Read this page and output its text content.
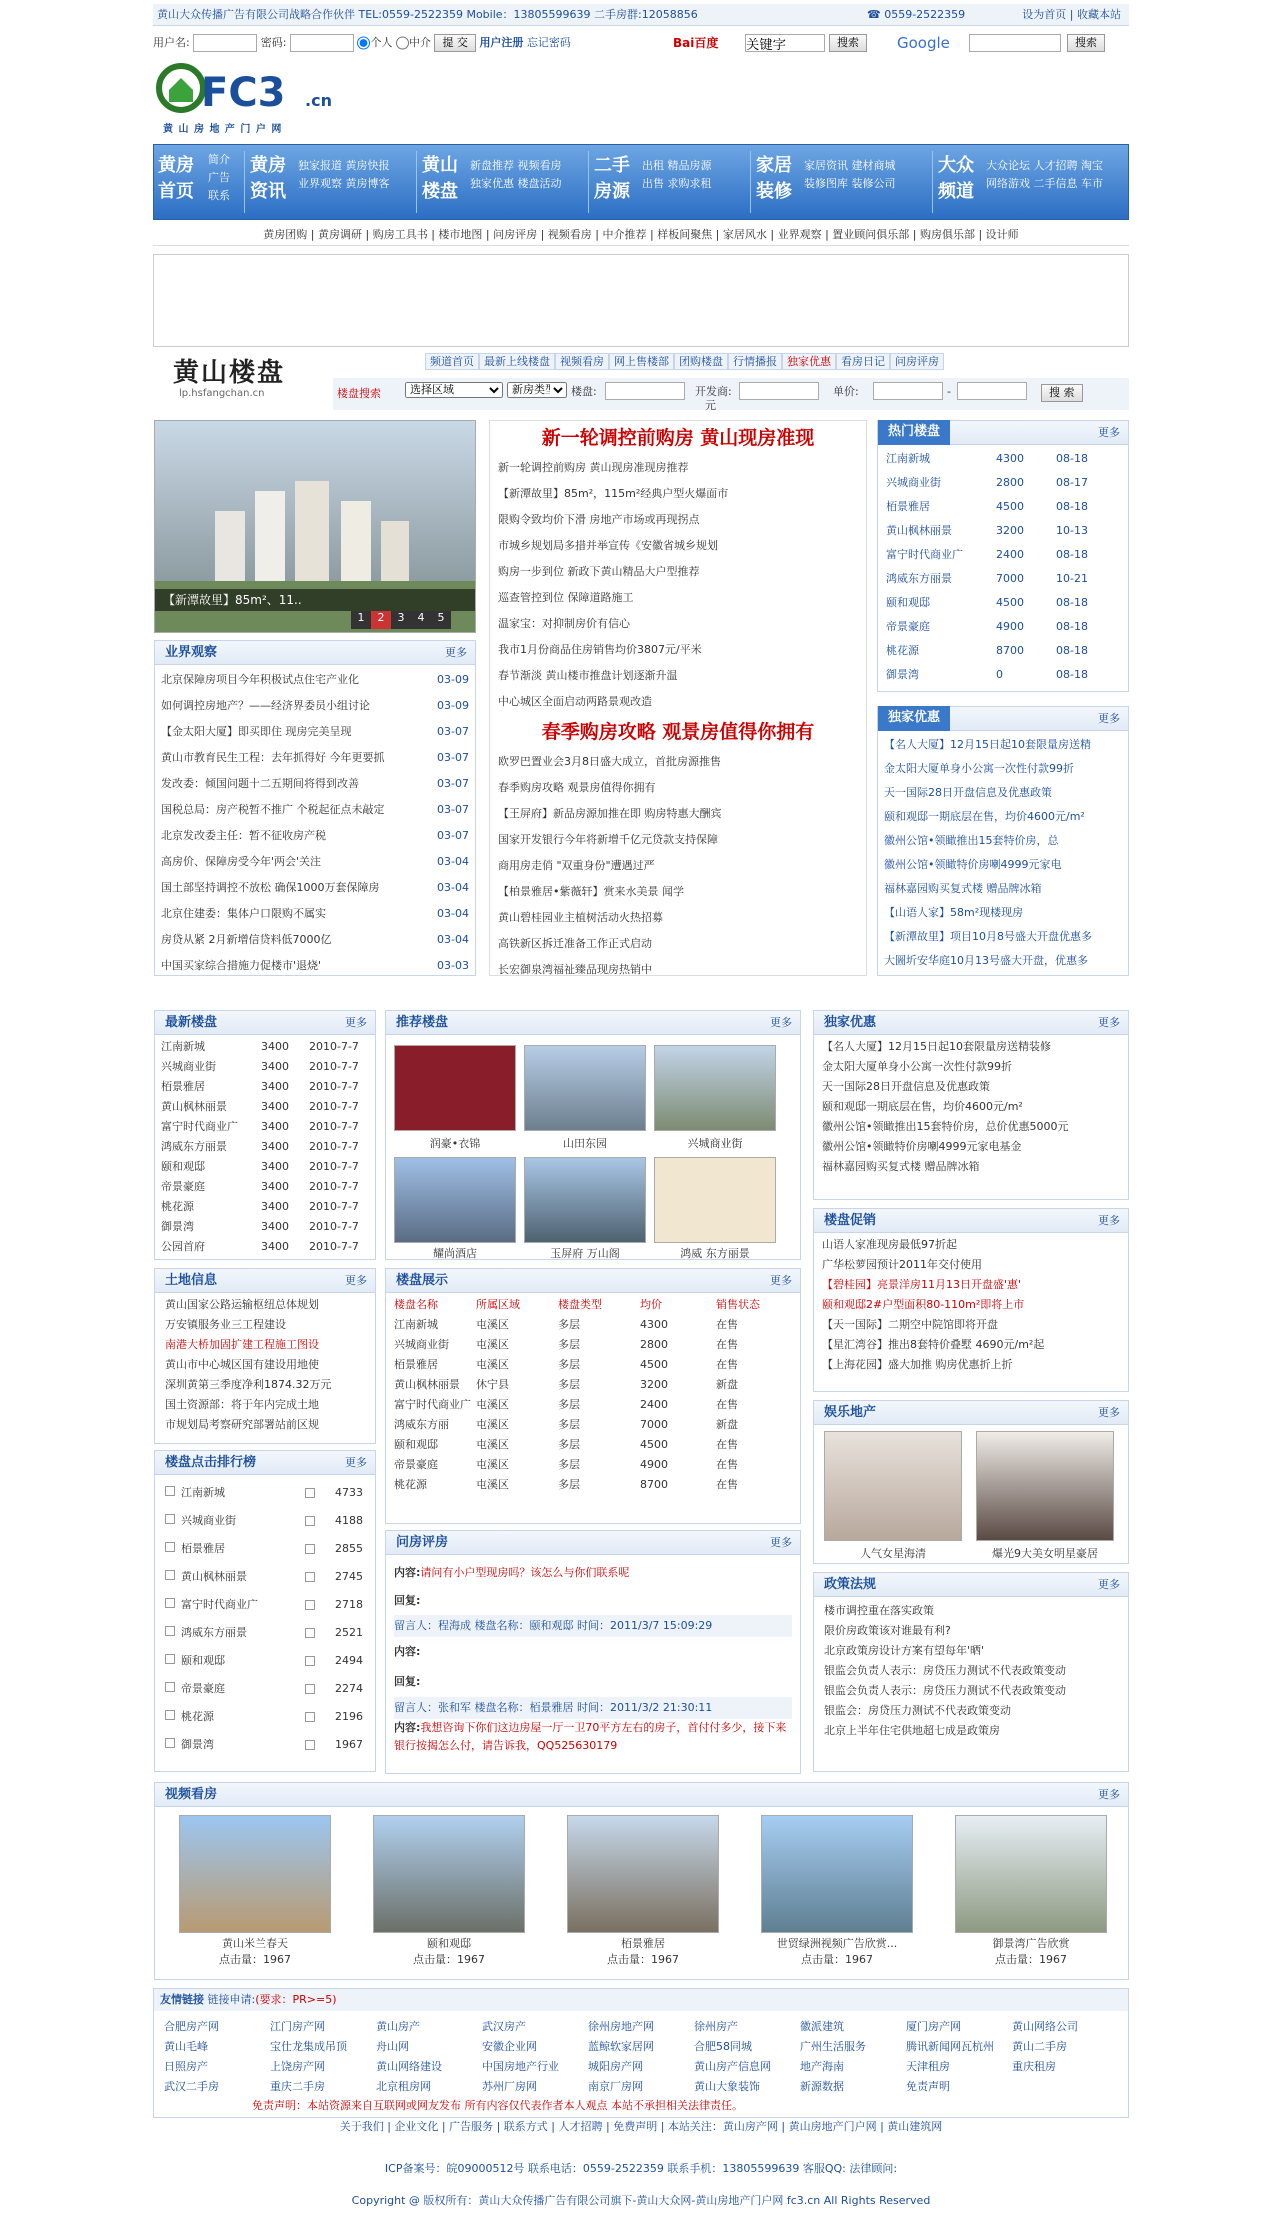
黄山大众传播广告有限公司战略合作伙伴 TEL:0559-2522359 Mobile：13805599639 二手房群:12058856	☎ 0559-2522359	设为首页 | 收藏本站
用户名:	密码:	个人 中介 提 交 用户注册 忘记密码	Bai百度
关键字	搜索	Google	搜索
FC3 .cn
黄 山 房 地 产 门 户 网
黄房首页
简介
广告
联系
黄房资讯
独家报道 黄房快报
业界观察 黄房博客
黄山楼盘
新盘推荐 视频看房
独家优惠 楼盘活动
二手房源
出租 精品房源
出售 求购求租
家居装修
家居资讯 建材商城
装修图库 装修公司
大众频道
大众论坛 人才招聘 淘宝
网络游戏 二手信息 车市
黄房团购 | 黄房调研 | 购房工具书 | 楼市地图 | 问房评房 | 视频看房 | 中介推荐 | 样板间聚焦 | 家居风水 | 业界观察 | 置业顾问俱乐部 | 购房俱乐部 | 设计师
黄山楼盘
lp.hsfangchan.cn
频道首页 最新上线楼盘 视频看房 网上售楼部 团购楼盘 行情播报 独家优惠 看房日记 问房评房
楼盘搜索
选择区域
新房类型	楼盘:	开发商:
元
单价:	-	搜 索
【新潭故里】85m²、11..
1 2 3 4 5
业界观察	更多
北京保障房项目今年积极试点住宅产业化	03-09
如何调控房地产？——经济界委员小组讨论	03-09
【金太阳大厦】即买即住 现房完美呈现	03-07
黄山市教育民生工程：去年抓得好 今年更要抓	03-07
发改委：倾国问题十二五期间将得到改善	03-07
国税总局：房产税暂不推广 个税起征点未敲定	03-07
北京发改委主任：暂不征收房产税	03-07
高房价、保障房受今年'两会'关注	03-04
国土部坚持调控不放松 确保1000万套保障房	03-04
北京住建委：集体户口限购不属实	03-04
房贷从紧 2月新增信贷料低7000亿	03-04
中国买家综合措施力促楼市'退烧'	03-03
新一轮调控前购房 黄山现房准现
新一轮调控前购房 黄山现房准现房推荐
【新潭故里】85m²，115m²经典户型火爆面市
限购令致均价下滑 房地产市场或再现拐点
市城乡规划局多措并举宣传《安徽省城乡规划
购房一步到位 新政下黄山精品大户型推荐
巡查管控到位 保障道路施工
温家宝：对抑制房价有信心
我市1月份商品住房销售均价3807元/平米
春节渐淡 黄山楼市推盘计划逐渐升温
中心城区全面启动两路景观改造
春季购房攻略 观景房值得你拥有
欧罗巴置业会3月8日盛大成立，首批房源推售
春季购房攻略 观景房值得你拥有
【王屏府】新品房源加推在即 购房特惠大酬宾
国家开发银行今年将新增千亿元贷款支持保障
商用房走俏 "双重身份"遭遇过严
【柏景雅居•紫薇轩】赏来水美景 闻学
黄山碧桂园业主植树活动火热招募
高铁新区拆迁准备工作正式启动
长宏御泉湾福祉臻品现房热销中
热门楼盘	更多
江南新城	4300	08-18
兴城商业街	2800	08-17
栢景雅居	4500	08-18
黄山枫林丽景	3200	10-13
富宁时代商业广	2400	08-18
鸿威东方丽景	7000	10-21
颐和观邸	4500	08-18
帝景豪庭	4900	08-18
桃花源	8700	08-18
御景湾	0	08-18
独家优惠	更多
【名人大厦】12月15日起10套限量房送精
金太阳大厦单身小公寓一次性付款99折
天一国际28日开盘信息及优惠政策
颐和观邸一期底层在售，均价4600元/m²
徽州公馆•领瞰推出15套特价房，总
徽州公馆•领瞰特价房喇4999元家电
福林嘉园购买复式楼 赠品牌冰箱
【山语人家】58m²现楼现房
【新潭故里】项目10月8号盛大开盘优惠多
大圌圻安华庭10月13号盛大开盘，优惠多
最新楼盘	更多
江南新城	3400 2010-7-7
兴城商业街	3400 2010-7-7
栢景雅居	3400 2010-7-7
黄山枫林丽景	3400 2010-7-7
富宁时代商业广 3400 2010-7-7
鸿威东方丽景	3400 2010-7-7
颐和观邸	3400 2010-7-7
帝景豪庭	3400 2010-7-7
桃花源	3400 2010-7-7
御景湾	3400 2010-7-7
公园首府	3400 2010-7-7
推荐楼盘	更多
润豪•衣锦	山田东园	兴城商业街
耀尚酒店	玉屏府 万山阁	鸿威 东方丽景
独家优惠	更多
【名人大厦】12月15日起10套限量房送精装修
金太阳大厦单身小公寓一次性付款99折
天一国际28日开盘信息及优惠政策
颐和观邸一期底层在售，均价4600元/m²
徽州公馆•领瞰推出15套特价房，总价优惠5000元
徽州公馆•领瞰特价房喇4999元家电基金
福林嘉园购买复式楼 赠品牌冰箱
楼盘促销	更多
山语人家准现房最低97折起
广华松萝园预计2011年交付使用
【碧桂园】亮景洋房11月13日开盘盛'惠'
颐和观邸2#户型面积80-110m²即将上市
【天一国际】二期空中院馆即将开盘
【星汇湾谷】推出8套特价叠墅 4690元/m²起
【上海花园】盛大加推 购房优惠折上折
土地信息	更多
黄山国家公路运输枢纽总体规划
万安镇服务业三工程建设
南港大桥加固扩建工程施工图设
黄山市中心城区国有建设用地使
深圳黄第三季度净利1874.32万元
国土资源部：将于年内完成土地
市规划局考察研究部署站前区规
楼盘展示	更多
楼盘名称	所属区域	楼盘类型	均价	销售状态
江南新城	屯溪区	多层	4300	在售
兴城商业街 屯溪区	多层	2800	在售
栢景雅居	屯溪区	多层	4500	在售
黄山枫林丽景 休宁县	多层	3200	新盘
富宁时代商业广 屯溪区	多层	2400	在售
鸿威东方丽 屯溪区	多层	7000	新盘
颐和观邸	屯溪区	多层	4500	在售
帝景豪庭	屯溪区	多层	4900	在售
桃花源	屯溪区	多层	8700	在售
楼盘点击排行榜	更多
江南新城	4733
兴城商业街	4188
栢景雅居	2855
黄山枫林丽景	2745
富宁时代商业广	2718
鸿威东方丽景	2521
颐和观邸	2494
帝景豪庭	2274
桃花源	2196
御景湾	1967
娱乐地产	更多
人气女星海清	爆光9大美女明星豪居
问房评房	更多
内容:请问有小户型现房吗？该怎么与你们联系呢
回复:
留言人：程海成 楼盘名称：颐和观邸 时间：2011/3/7 15:09:29
内容:
回复:
留言人：张和军 楼盘名称：栢景雅居 时间：2011/3/2 21:30:11
内容:我想咨询下你们这边房屋一厅一卫70平方左右的房子，首付付多少，接下来银行按揭怎么付，请告诉我，QQ525630179
政策法规	更多
楼市调控重在落实政策
限价房政策该对谁最有利?
北京政策房设计方案有望每年'晒'
银监会负责人表示：房贷压力测试不代表政策变动
银监会负责人表示：房贷压力测试不代表政策变动
银监会：房贷压力测试不代表政策变动
北京上半年住宅供地超七成是政策房
视频看房	更多
黄山米兰春天
点击量：1967
颐和观邸
点击量：1967
栢景雅居
点击量：1967
世贸绿洲视频广告欣赏...
点击量：1967
御景湾广告欣赏
点击量：1967
友情链接 链接申请:(要求：PR>=5)
合肥房产网	江门房产网	黄山房产	武汉房产	徐州房地产网	徐州房产	徽派建筑	厦门房产网	黄山网络公司
黄山毛峰	宝仕龙集成吊顶	舟山网	安徽企业网	蓝鲸软家居网	合肥58同城	广州生活服务	腾讯新闻网瓦杭州 黄山二手房
日照房产	上饶房产网	黄山网络建设	中国房地产行业	城阳房产网	黄山房产信息网	地产海南	天津租房	重庆租房
武汉二手房	重庆二手房	北京租房网	苏州厂房网	南京厂房网	黄山大象装饰	新源数据	免责声明
免责声明：本站资源来自互联网或网友发布 所有内容仅代表作者本人观点 本站不承担相关法律责任。
关于我们 | 企业文化 | 广告服务 | 联系方式 | 人才招聘 | 免费声明 | 本站关注：黄山房产网 | 黄山房地产门户网 | 黄山建筑网
ICP备案号：皖09000512号 联系电话：0559-2522359 联系手机：13805599639 客服QQ: 法律顾问:
Copyright @ 版权所有：黄山大众传播广告有限公司旗下-黄山大众网-黄山房地产门户网 fc3.cn All Rights Reserved
